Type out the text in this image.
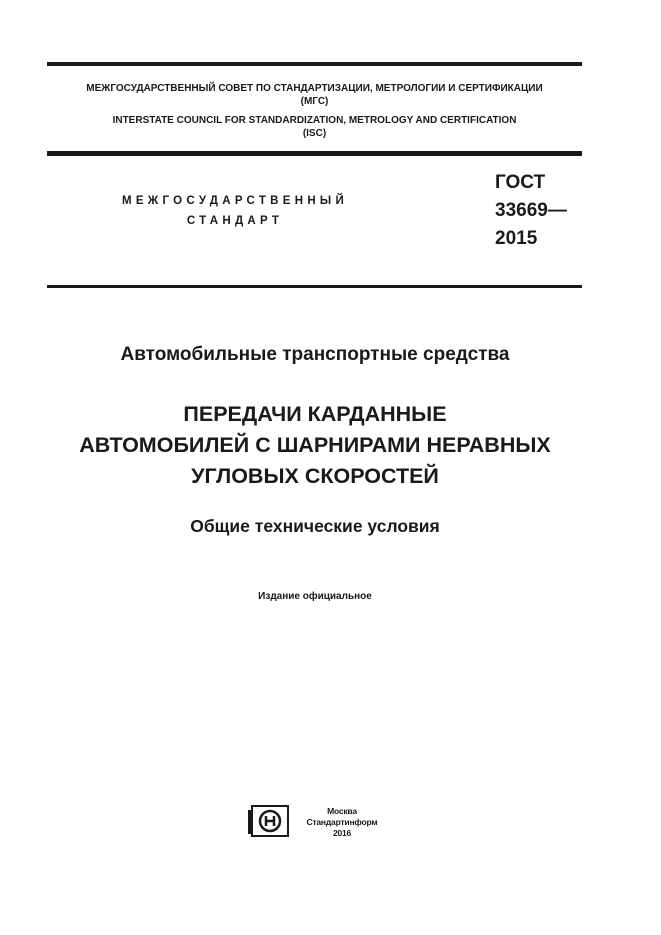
МЕЖГОСУДАРСТВЕННЫЙ СОВЕТ ПО СТАНДАРТИЗАЦИИ, МЕТРОЛОГИИ И СЕРТИФИКАЦИИ
(МГС)
INTERSTATE COUNCIL FOR STANDARDIZATION, METROLOGY AND CERTIFICATION
(ISC)
МЕЖГОСУДАРСТВЕННЫЙ
СТАНДАРТ
ГОСТ
33669—
2015
Автомобильные транспортные средства
ПЕРЕДАЧИ КАРДАННЫЕ
АВТОМОБИЛЕЙ С ШАРНИРАМИ НЕРАВНЫХ
УГЛОВЫХ СКОРОСТЕЙ
Общие технические условия
Издание официальное
Москва
Стандартинформ
2016
